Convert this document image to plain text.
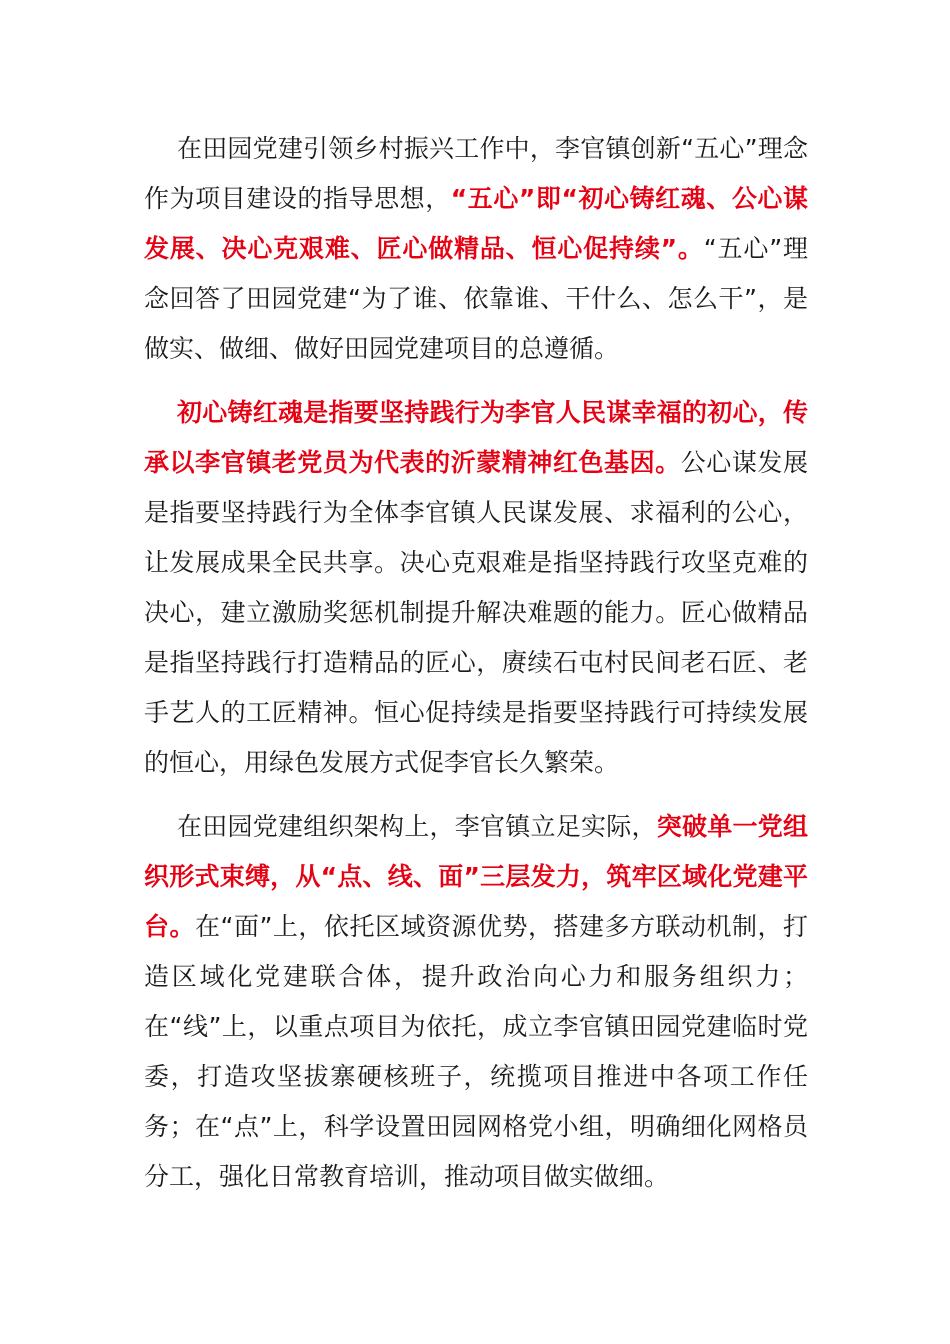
在田园党建引领乡村振兴工作中，李官镇创新“五心”理念作为项目建设的指导思想，“五心”即“初心铸红魂、公心谋发展、决心克艰难、匠心做精品、恒心促持续”。“五心”理念回答了田园党建“为了谁、依靠谁、干什么、怎么干”，是做实、做细、做好田园党建项目的总遵循。

初心铸红魂是指要坚持践行为李官人民谋幸福的初心，传承以李官镇老党员为代表的沂蒙精神红色基因。公心谋发展是指要坚持践行为全体李官镇人民谋发展、求福利的公心，让发展成果全民共享。决心克艰难是指坚持践行攻坚克难的决心，建立激励奖惩机制提升解决难题的能力。匠心做精品是指坚持践行打造精品的匠心，赓续石屯村民间老石匠、老手艺人的工匠精神。恒心促持续是指要坚持践行可持续发展的恒心，用绿色发展方式促李官长久繁荣。

在田园党建组织架构上，李官镇立足实际，突破单一党组织形式束缚，从“点、线、面”三层发力，筑牢区域化党建平台。在“面”上，依托区域资源优势，搭建多方联动机制，打造区域化党建联合体，提升政治向心力和服务组织力；在“线”上，以重点项目为依托，成立李官镇田园党建临时党委，打造攻坚拔寨硬核班子，统揽项目推进中各项工作任务；在“点”上，科学设置田园网格党小组，明确细化网格员分工，强化日常教育培训，推动项目做实做细。
